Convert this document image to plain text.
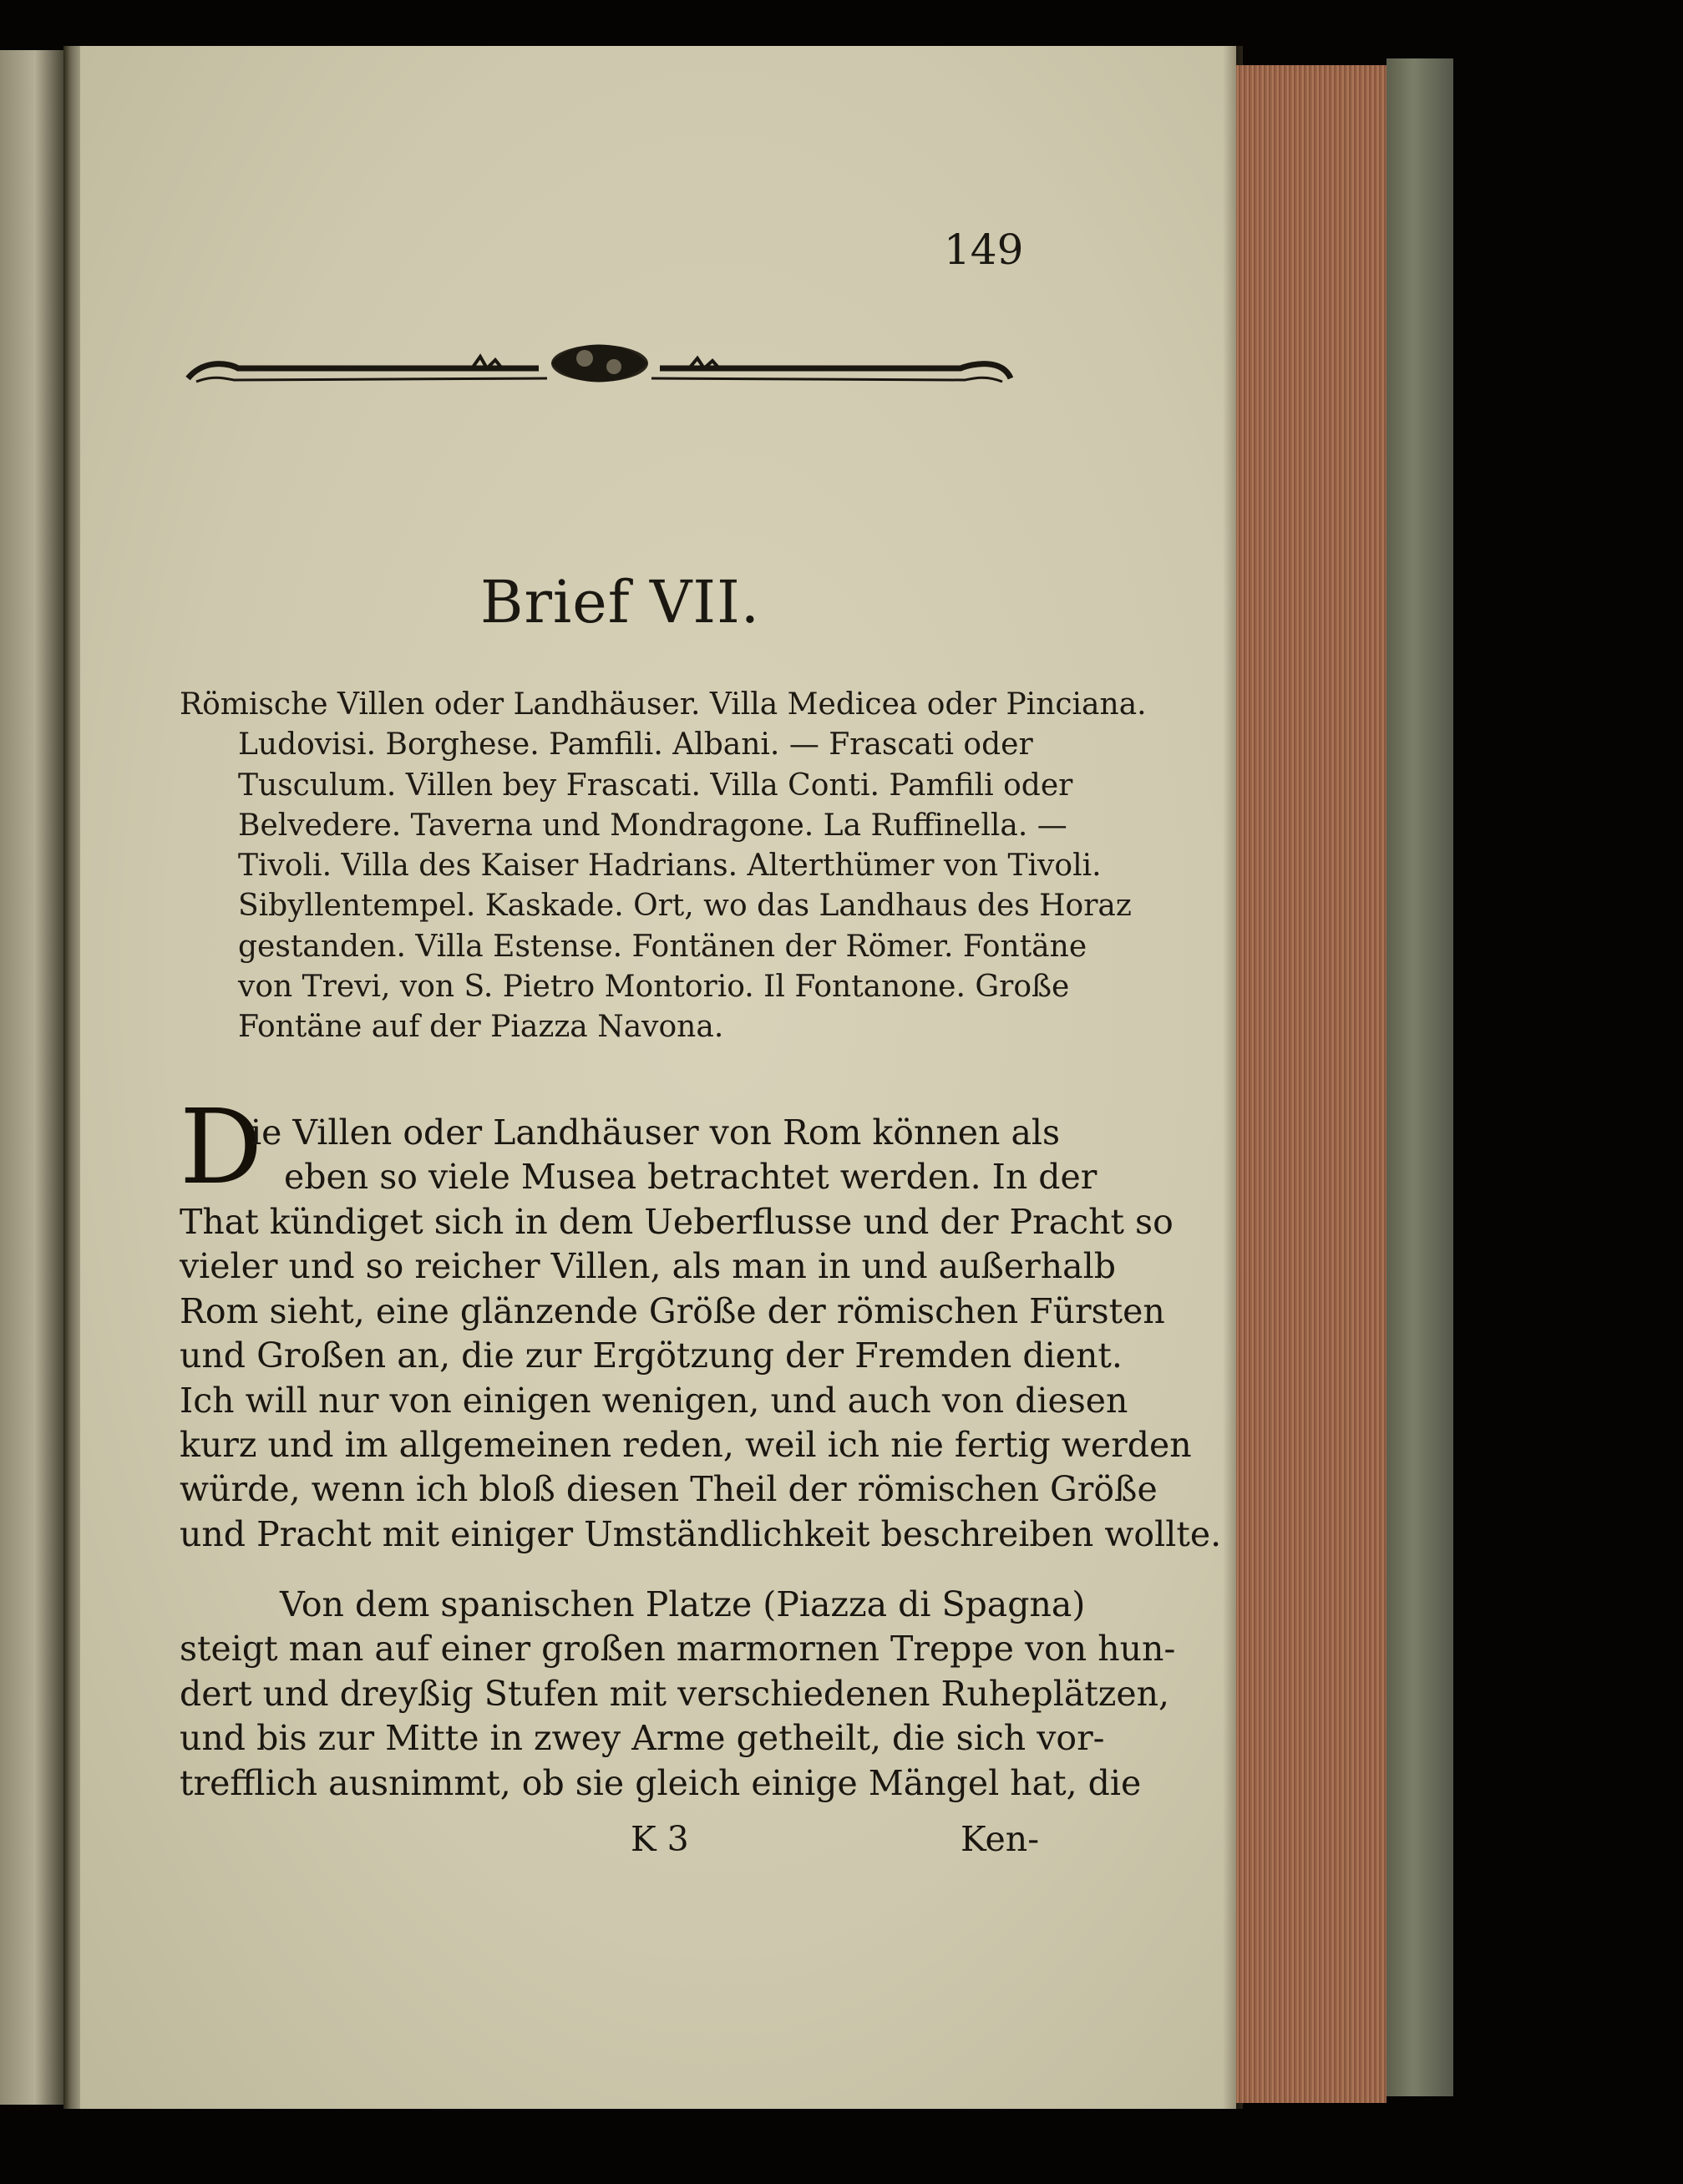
149
Brief VII.
Römische Villen oder Landhäuser. Villa Medicea oder Pinciana.
Ludovisi. Borghese. Pamfili. Albani. — Frascati oder
Tusculum. Villen bey Frascati. Villa Conti. Pamfili oder
Belvedere. Taverna und Mondragone. La Ruffinella. —
Tivoli. Villa des Kaiser Hadrians. Alterthümer von Tivoli.
Sibyllentempel. Kaskade. Ort, wo das Landhaus des Horaz
gestanden. Villa Estense. Fontänen der Römer. Fontäne
von Trevi, von S. Pietro Montorio. Il Fontanone. Große
Fontäne auf der Piazza Navona.
D
ie Villen oder Landhäuser von Rom können als
eben so viele Musea betrachtet werden. In der
That kündiget sich in dem Ueberflusse und der Pracht so
vieler und so reicher Villen, als man in und außerhalb
Rom sieht, eine glänzende Größe der römischen Fürsten
und Großen an, die zur Ergötzung der Fremden dient.
Ich will nur von einigen wenigen, und auch von diesen
kurz und im allgemeinen reden, weil ich nie fertig werden
würde, wenn ich bloß diesen Theil der römischen Größe
und Pracht mit einiger Umständlichkeit beschreiben wollte.
Von dem spanischen Platze (Piazza di Spagna)
steigt man auf einer großen marmornen Treppe von hun-
dert und dreyßig Stufen mit verschiedenen Ruheplätzen,
und bis zur Mitte in zwey Arme getheilt, die sich vor-
trefflich ausnimmt, ob sie gleich einige Mängel hat, die
K 3	Ken-
